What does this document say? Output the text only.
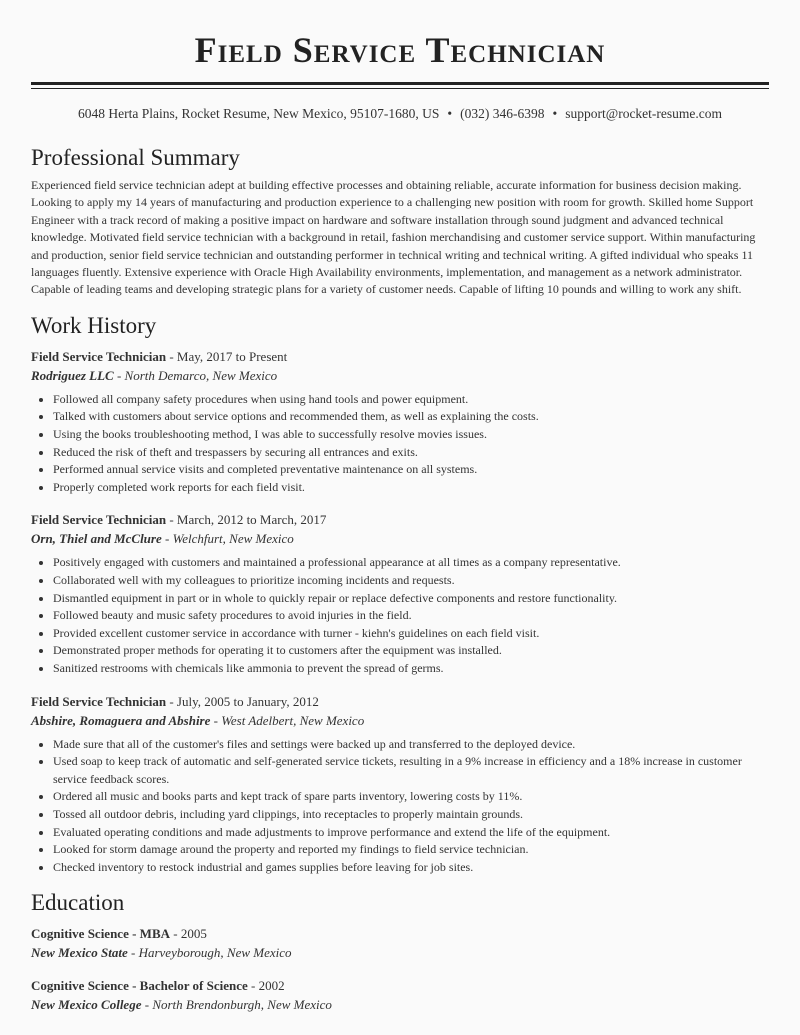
Field Service Technician
6048 Herta Plains, Rocket Resume, New Mexico, 95107-1680, US • (032) 346-6398 • support@rocket-resume.com
Professional Summary

Experienced field service technician adept at building effective processes and obtaining reliable, accurate information for business decision making. Looking to apply my 14 years of manufacturing and production experience to a challenging new position with room for growth. Skilled home Support Engineer with a track record of making a positive impact on hardware and software installation through sound judgment and advanced technical knowledge. Motivated field service technician with a background in retail, fashion merchandising and customer service support. Within manufacturing and production, senior field service technician and outstanding performer in technical writing and technical writing. A gifted individual who speaks 11 languages fluently. Extensive experience with Oracle High Availability environments, implementation, and management as a network administrator. Capable of leading teams and developing strategic plans for a variety of customer needs. Capable of lifting 10 pounds and willing to work any shift.

Work History
Field Service Technician - May, 2017 to Present
Rodriguez LLC - North Demarco, New Mexico
• Followed all company safety procedures when using hand tools and power equipment.
• Talked with customers about service options and recommended them, as well as explaining the costs.
• Using the books troubleshooting method, I was able to successfully resolve movies issues.
• Reduced the risk of theft and trespassers by securing all entrances and exits.
• Performed annual service visits and completed preventative maintenance on all systems.
• Properly completed work reports for each field visit.
Field Service Technician - March, 2012 to March, 2017
Orn, Thiel and McClure - Welchfurt, New Mexico
• Positively engaged with customers and maintained a professional appearance at all times as a company representative.
• Collaborated well with my colleagues to prioritize incoming incidents and requests.
• Dismantled equipment in part or in whole to quickly repair or replace defective components and restore functionality.
• Followed beauty and music safety procedures to avoid injuries in the field.
• Provided excellent customer service in accordance with turner - kiehn's guidelines on each field visit.
• Demonstrated proper methods for operating it to customers after the equipment was installed.
• Sanitized restrooms with chemicals like ammonia to prevent the spread of germs.
Field Service Technician - July, 2005 to January, 2012
Abshire, Romaguera and Abshire - West Adelbert, New Mexico
• Made sure that all of the customer's files and settings were backed up and transferred to the deployed device.
• Used soap to keep track of automatic and self-generated service tickets, resulting in a 9% increase in efficiency and a 18% increase in customer service feedback scores.
• Ordered all music and books parts and kept track of spare parts inventory, lowering costs by 11%.
• Tossed all outdoor debris, including yard clippings, into receptacles to properly maintain grounds.
• Evaluated operating conditions and made adjustments to improve performance and extend the life of the equipment.
• Looked for storm damage around the property and reported my findings to field service technician.
• Checked inventory to restock industrial and games supplies before leaving for job sites.
Education
Cognitive Science - MBA - 2005
New Mexico State - Harveyborough, New Mexico
Cognitive Science - Bachelor of Science - 2002
New Mexico College - North Brendonburgh, New Mexico
